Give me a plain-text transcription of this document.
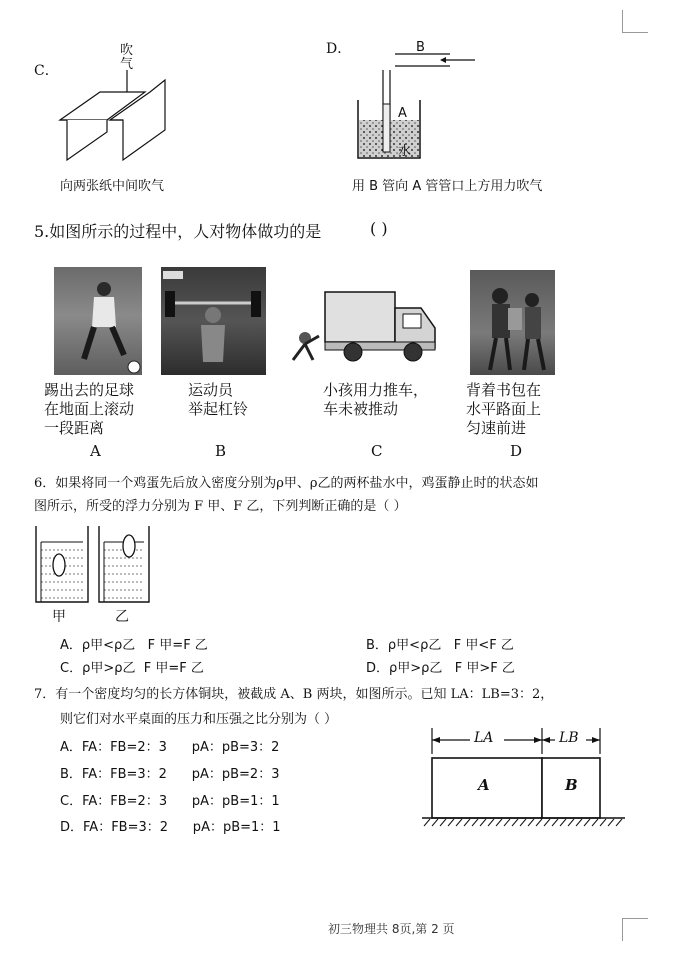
C．
吹气
向两张纸中间吹气
D．	B
A
水
用 B 管向 A 管管口上方用力吹气
5.如图所示的过程中，人对物体做功的是	( )
踢出去的足球
在地面上滚动
一段距离
运动员
举起杠铃
小孩用力推车，
车未被推动
背着书包在
水平路面上
匀速前进
A	B	C	D
6．如果将同一个鸡蛋先后放入密度分别为ρ甲、ρ乙的两杯盐水中，鸡蛋静止时的状态如
图所示，所受的浮力分别为 F 甲、F 乙，下列判断正确的是（ ）
甲	乙
A．ρ甲<ρ乙   F 甲=F 乙	B．ρ甲<ρ乙   F 甲<F 乙
C．ρ甲>ρ乙  F 甲=F 乙	D．ρ甲>ρ乙   F 甲>F 乙
7．有一个密度均匀的长方体铜块，被截成 A、B 两块，如图所示。已知 LA：LB=3：2，
则它们对水平桌面的压力和压强之比分别为（ ）
A．FA：FB=2：3      pA：pB=3：2
B．FA：FB=3：2      pA：pB=2：3
C．FA：FB=2：3      pA：pB=1：1
D．FA：FB=3：2      pA：pB=1：1
LA	LB
A	B
初三物理共 8页,第 2 页
